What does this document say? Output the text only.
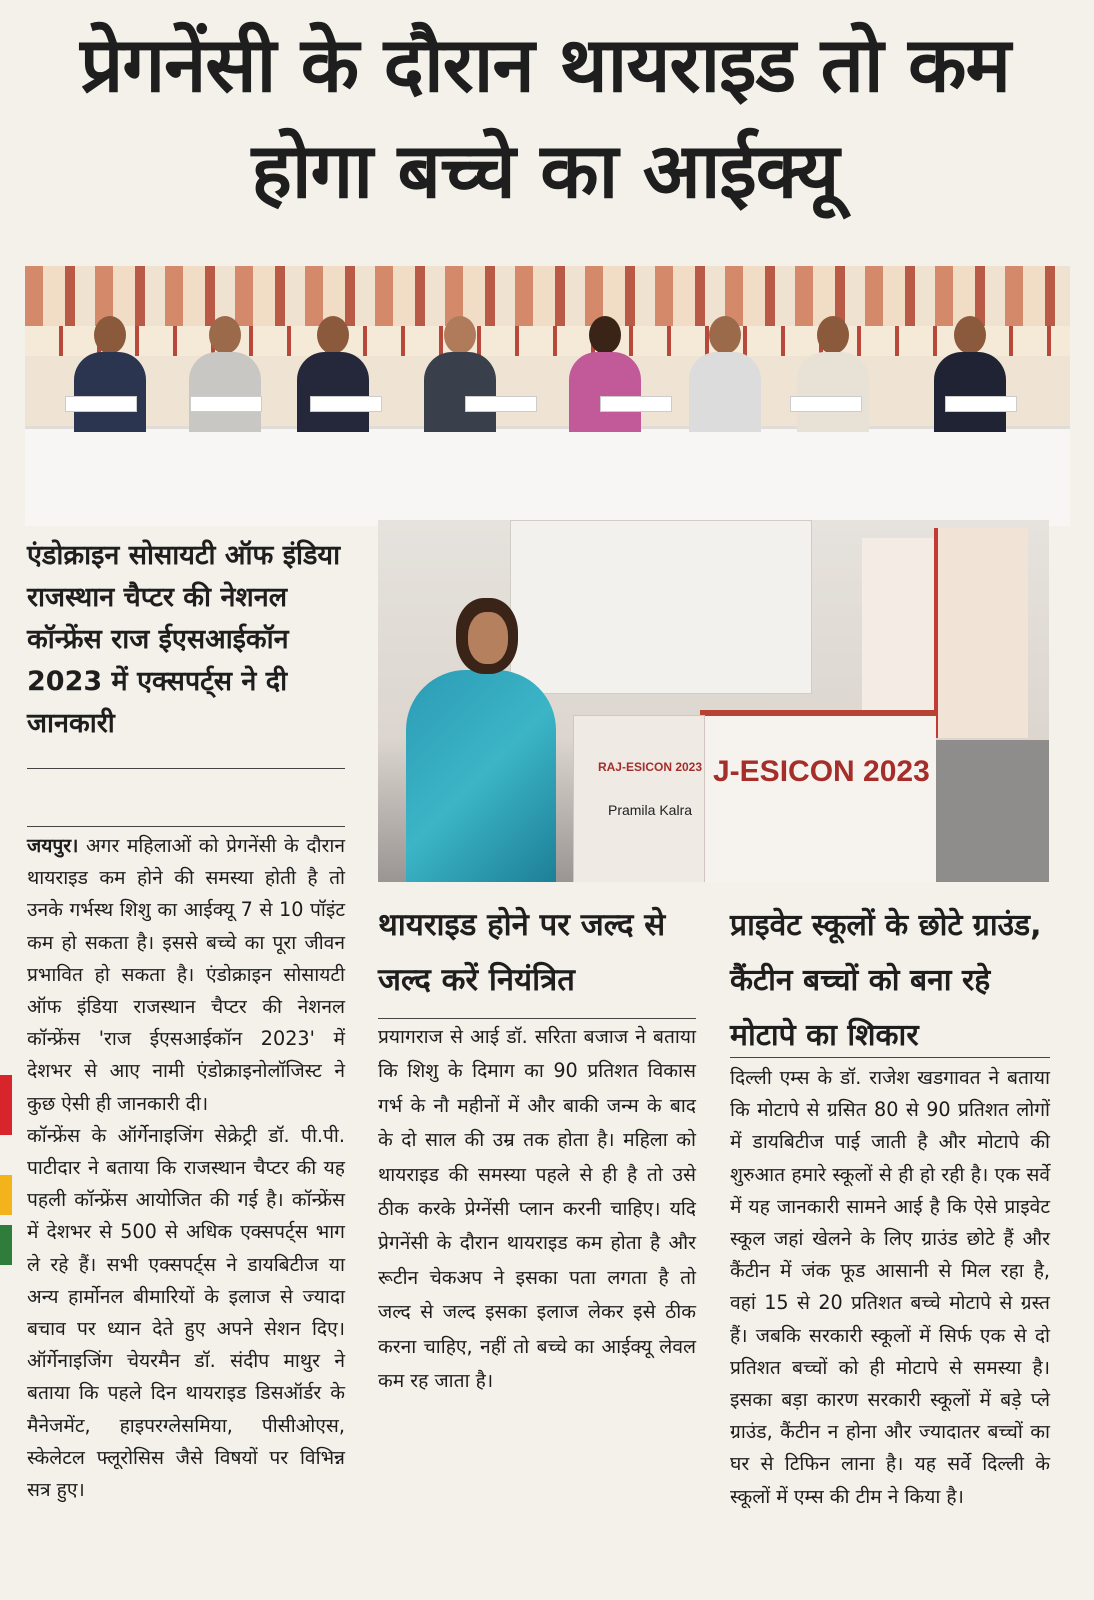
प्रेगनेंसी के दौरान थायराइड तो कम होगा बच्चे का आईक्यू
J-ESICON 2023
RAJ-ESICON 2023
Pramila Kalra
एंडोक्राइन सोसायटी ऑफ इंडिया राजस्थान चैप्टर की नेशनल कॉन्फ्रेंस राज ईएसआईकॉन 2023 में एक्सपर्ट्स ने दी जानकारी

जयपुर। अगर महिलाओं को प्रेगनेंसी के दौरान थायराइड कम होने की समस्या होती है तो उनके गर्भस्थ शिशु का आईक्यू 7 से 10 पॉइंट कम हो सकता है। इससे बच्चे का पूरा जीवन प्रभावित हो सकता है। एंडोक्राइन सोसायटी ऑफ इंडिया राजस्थान चैप्टर की नेशनल कॉन्फ्रेंस 'राज ईएसआईकॉन 2023' में देशभर से आए नामी एंडोक्राइनोलॉजिस्ट ने कुछ ऐसी ही जानकारी दी।

कॉन्फ्रेंस के ऑर्गेनाइजिंग सेक्रेट्री डॉ. पी.पी. पाटीदार ने बताया कि राजस्थान चैप्टर की यह पहली कॉन्फ्रेंस आयोजित की गई है। कॉन्फ्रेंस में देशभर से 500 से अधिक एक्सपर्ट्स भाग ले रहे हैं। सभी एक्सपर्ट्स ने डायबिटीज या अन्य हार्मोनल बीमारियों के इलाज से ज्यादा बचाव पर ध्यान देते हुए अपने सेशन दिए। ऑर्गेनाइजिंग चेयरमैन डॉ. संदीप माथुर ने बताया कि पहले दिन थायराइड डिसऑर्डर के मैनेजमेंट, हाइपरग्लेसमिया, पीसीओएस, स्केलेटल फ्लूरोसिस जैसे विषयों पर विभिन्न सत्र हुए।

थायराइड होने पर जल्द से जल्द करें नियंत्रित

प्रयागराज से आई डॉ. सरिता बजाज ने बताया कि शिशु के दिमाग का 90 प्रतिशत विकास गर्भ के नौ महीनों में और बाकी जन्म के बाद के दो साल की उम्र तक होता है। महिला को थायराइड की समस्या पहले से ही है तो उसे ठीक करके प्रेग्नेंसी प्लान करनी चाहिए। यदि प्रेगनेंसी के दौरान थायराइड कम होता है और रूटीन चेकअप ने इसका पता लगता है तो जल्द से जल्द इसका इलाज लेकर इसे ठीक करना चाहिए, नहीं तो बच्चे का आईक्यू लेवल कम रह जाता है।

प्राइवेट स्कूलों के छोटे ग्राउंड, कैंटीन बच्चों को बना रहे मोटापे का शिकार

दिल्ली एम्स के डॉ. राजेश खडगावत ने बताया कि मोटापे से ग्रसित 80 से 90 प्रतिशत लोगों में डायबिटीज पाई जाती है और मोटापे की शुरुआत हमारे स्कूलों से ही हो रही है। एक सर्वे में यह जानकारी सामने आई है कि ऐसे प्राइवेट स्कूल जहां खेलने के लिए ग्राउंड छोटे हैं और कैंटीन में जंक फूड आसानी से मिल रहा है, वहां 15 से 20 प्रतिशत बच्चे मोटापे से ग्रस्त हैं। जबकि सरकारी स्कूलों में सिर्फ एक से दो प्रतिशत बच्चों को ही मोटापे से समस्या है। इसका बड़ा कारण सरकारी स्कूलों में बड़े प्ले ग्राउंड, कैंटीन न होना और ज्यादातर बच्चों का घर से टिफिन लाना है। यह सर्वे दिल्ली के स्कूलों में एम्स की टीम ने किया है।
